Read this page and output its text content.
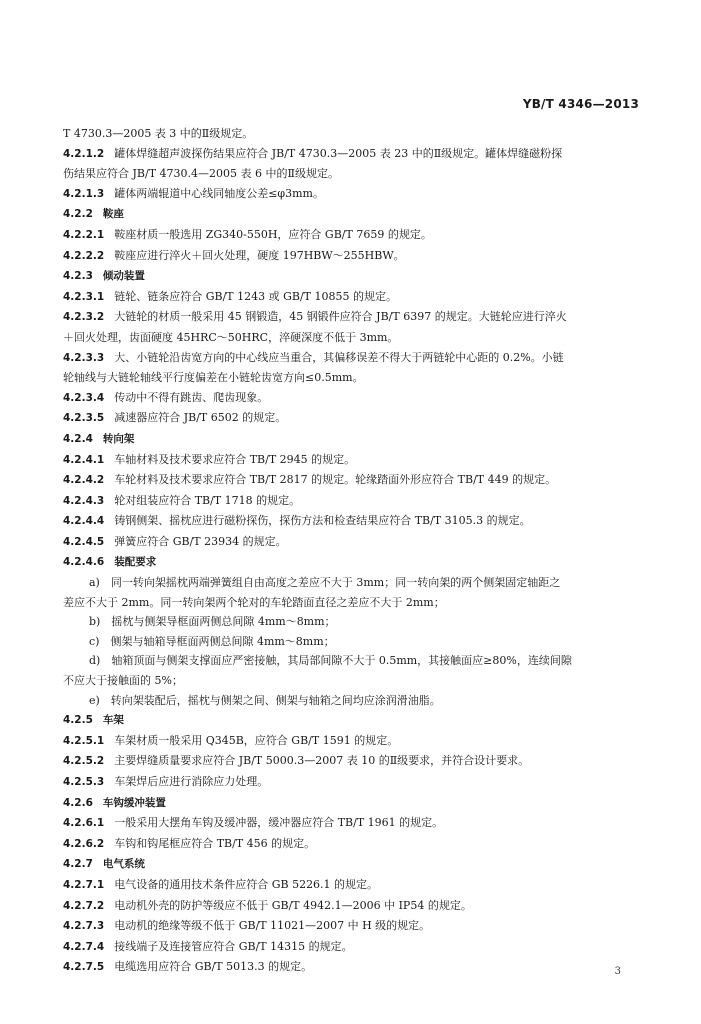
YB/T 4346—2013
T 4730.3—2005 表 3 中的Ⅱ级规定。
4.2.1.2 罐体焊缝超声波探伤结果应符合 JB/T 4730.3—2005 表 23 中的Ⅱ级规定。罐体焊缝磁粉探
伤结果应符合 JB/T 4730.4—2005 表 6 中的Ⅱ级规定。
4.2.1.3 罐体两端辊道中心线同轴度公差≤φ3mm。
4.2.2 鞍座
4.2.2.1 鞍座材质一般选用 ZG340-550H，应符合 GB/T 7659 的规定。
4.2.2.2 鞍座应进行淬火＋回火处理，硬度 197HBW～255HBW。
4.2.3 倾动装置
4.2.3.1 链轮、链条应符合 GB/T 1243 或 GB/T 10855 的规定。
4.2.3.2 大链轮的材质一般采用 45 钢锻造，45 钢锻件应符合 JB/T 6397 的规定。大链轮应进行淬火
＋回火处理，齿面硬度 45HRC～50HRC，淬硬深度不低于 3mm。
4.2.3.3 大、小链轮沿齿宽方向的中心线应当重合，其偏移误差不得大于两链轮中心距的 0.2%。小链
轮轴线与大链轮轴线平行度偏差在小链轮齿宽方向≤0.5mm。
4.2.3.4 传动中不得有跳齿、爬齿现象。
4.2.3.5 减速器应符合 JB/T 6502 的规定。
4.2.4 转向架
4.2.4.1 车轴材料及技术要求应符合 TB/T 2945 的规定。
4.2.4.2 车轮材料及技术要求应符合 TB/T 2817 的规定。轮缘踏面外形应符合 TB/T 449 的规定。
4.2.4.3 轮对组装应符合 TB/T 1718 的规定。
4.2.4.4 铸钢侧架、摇枕应进行磁粉探伤，探伤方法和检查结果应符合 TB/T 3105.3 的规定。
4.2.4.5 弹簧应符合 GB/T 23934 的规定。
4.2.4.6 装配要求
a)　同一转向架摇枕两端弹簧组自由高度之差应不大于 3mm；同一转向架的两个侧架固定轴距之
差应不大于 2mm。同一转向架两个轮对的车轮踏面直径之差应不大于 2mm；
b)　摇枕与侧架导框面两侧总间隙 4mm～8mm；
c)　侧架与轴箱导框面两侧总间隙 4mm～8mm；
d)　轴箱顶面与侧架支撑面应严密接触，其局部间隙不大于 0.5mm，其接触面应≥80%，连续间隙
不应大于接触面的 5%；
e)　转向架装配后，摇枕与侧架之间、侧架与轴箱之间均应涂润滑油脂。
4.2.5 车架
4.2.5.1 车架材质一般采用 Q345B，应符合 GB/T 1591 的规定。
4.2.5.2 主要焊缝质量要求应符合 JB/T 5000.3—2007 表 10 的Ⅱ级要求，并符合设计要求。
4.2.5.3 车架焊后应进行消除应力处理。
4.2.6 车钩缓冲装置
4.2.6.1 一般采用大摆角车钩及缓冲器，缓冲器应符合 TB/T 1961 的规定。
4.2.6.2 车钩和钩尾框应符合 TB/T 456 的规定。
4.2.7 电气系统
4.2.7.1 电气设备的通用技术条件应符合 GB 5226.1 的规定。
4.2.7.2 电动机外壳的防护等级应不低于 GB/T 4942.1—2006 中 IP54 的规定。
4.2.7.3 电动机的绝缘等级不低于 GB/T 11021—2007 中 H 级的规定。
4.2.7.4 接线端子及连接管应符合 GB/T 14315 的规定。
4.2.7.5 电缆选用应符合 GB/T 5013.3 的规定。	3
